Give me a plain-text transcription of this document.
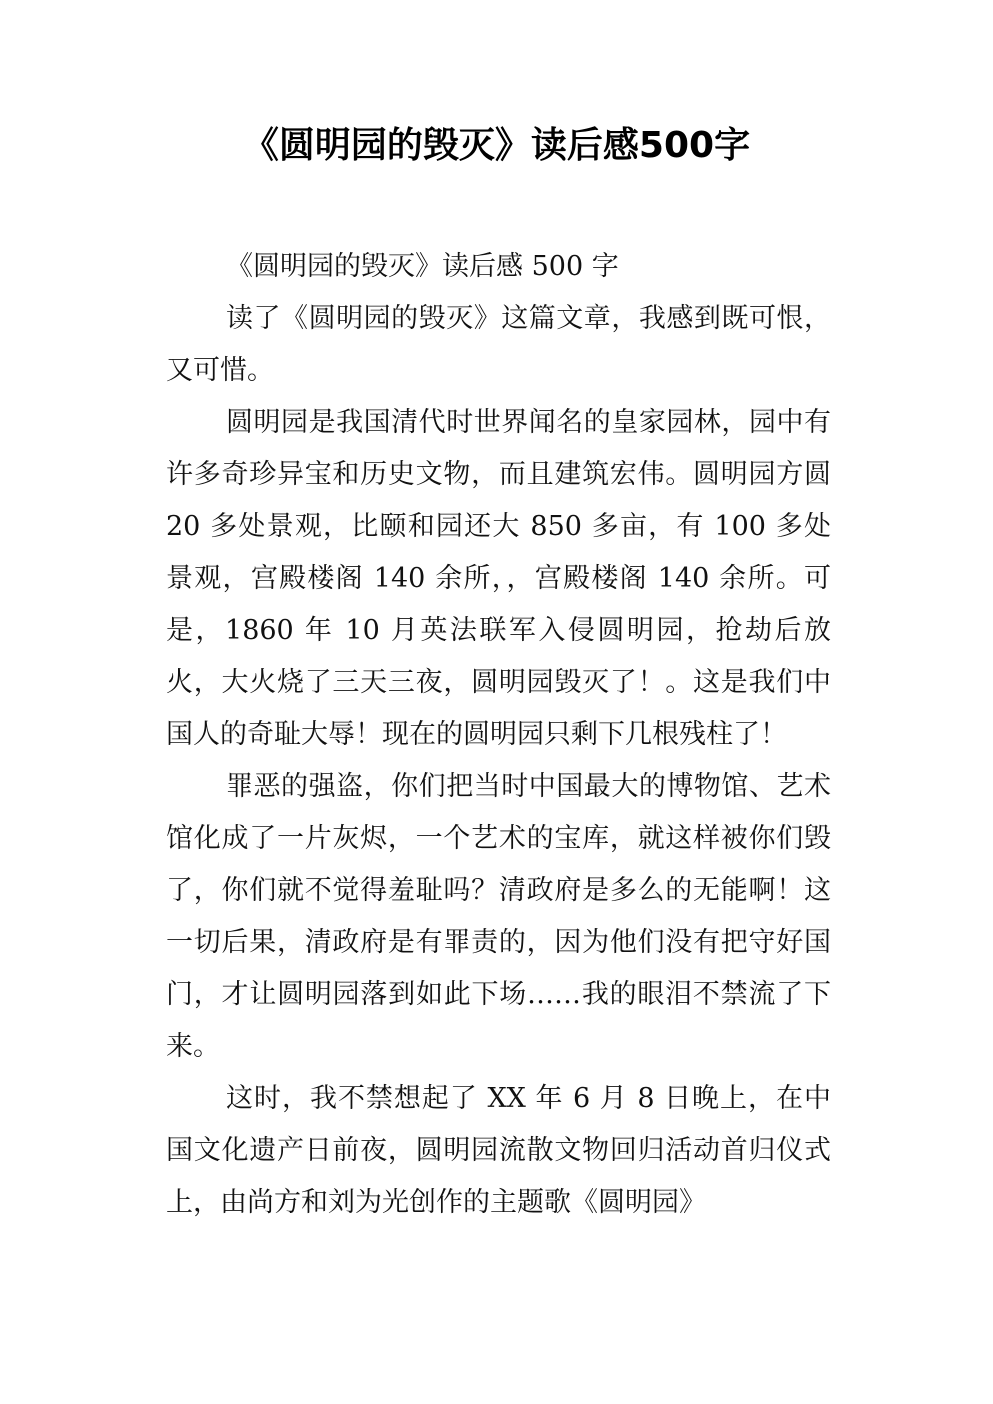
《圆明园的毁灭》读后感500字

《圆明园的毁灭》读后感 500 字

读了《圆明园的毁灭》这篇文章，我感到既可恨，又可惜。

圆明园是我国清代时世界闻名的皇家园林，园中有许多奇珍异宝和历史文物，而且建筑宏伟。圆明园方圆 20 多处景观，比颐和园还大 850 多亩，有 100 多处景观，宫殿楼阁 140 余所，，宫殿楼阁 140 余所。可是，1860 年 10 月英法联军入侵圆明园，抢劫后放火，大火烧了三天三夜，圆明园毁灭了！。这是我们中国人的奇耻大辱！现在的圆明园只剩下几根残柱了！

罪恶的强盗，你们把当时中国最大的博物馆、艺术馆化成了一片灰烬，一个艺术的宝库，就这样被你们毁了，你们就不觉得羞耻吗？清政府是多么的无能啊！这一切后果，清政府是有罪责的，因为他们没有把守好国门，才让圆明园落到如此下场……我的眼泪不禁流了下来。

这时，我不禁想起了 XX 年 6 月 8 日晚上，在中国文化遗产日前夜，圆明园流散文物回归活动首归仪式上，由尚方和刘为光创作的主题歌《圆明园》
